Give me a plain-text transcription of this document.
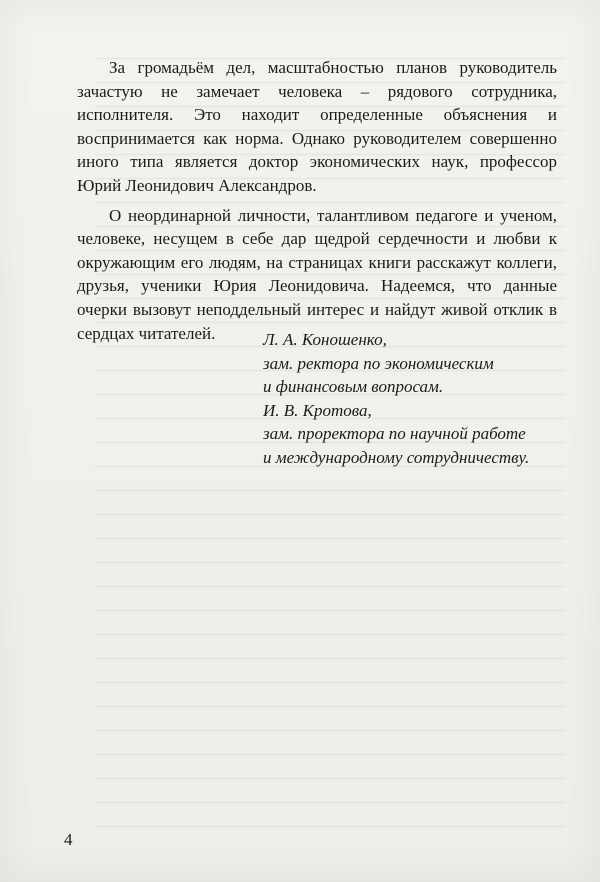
За громадьём дел, масштабностью планов руководитель зачастую не замечает человека – рядового сотрудника, исполнителя. Это находит определенные объяснения и воспринимается как норма. Однако руководителем совершенно иного типа является доктор экономических наук, профессор Юрий Леонидович Александров.

О неординарной личности, талантливом педагоге и ученом, человеке, несущем в себе дар щедрой сердечности и любви к окружающим его людям, на страницах книги расскажут коллеги, друзья, ученики Юрия Леонидовича. Надеемся, что данные очерки вызовут неподдельный интерес и найдут живой отклик в сердцах читателей.	Л. А. Коношенко,
зам. ректора по экономическим
и финансовым вопросам.
И. В. Кротова,
зам. проректора по научной работе
и международному сотрудничеству.
4
